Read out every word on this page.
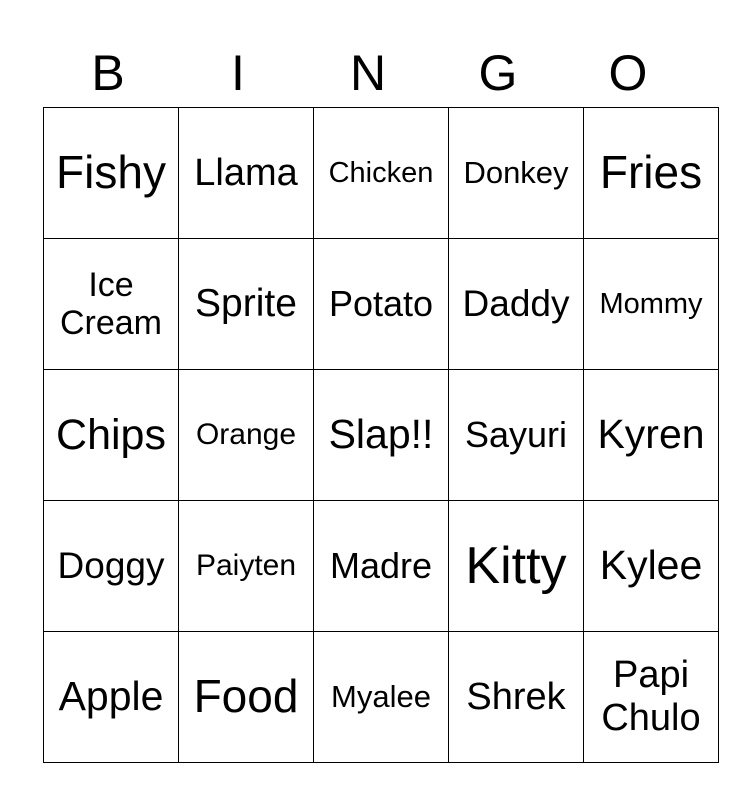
B	I	N	G	O
Fishy	Llama	Chicken	Donkey	Fries
Ice Cream	Sprite	Potato	Daddy	Mommy
Chips	Orange	Slap!!	Sayuri	Kyren
Doggy	Paiyten	Madre	Kitty	Kylee
Apple	Food	Myalee	Shrek	Papi Chulo
